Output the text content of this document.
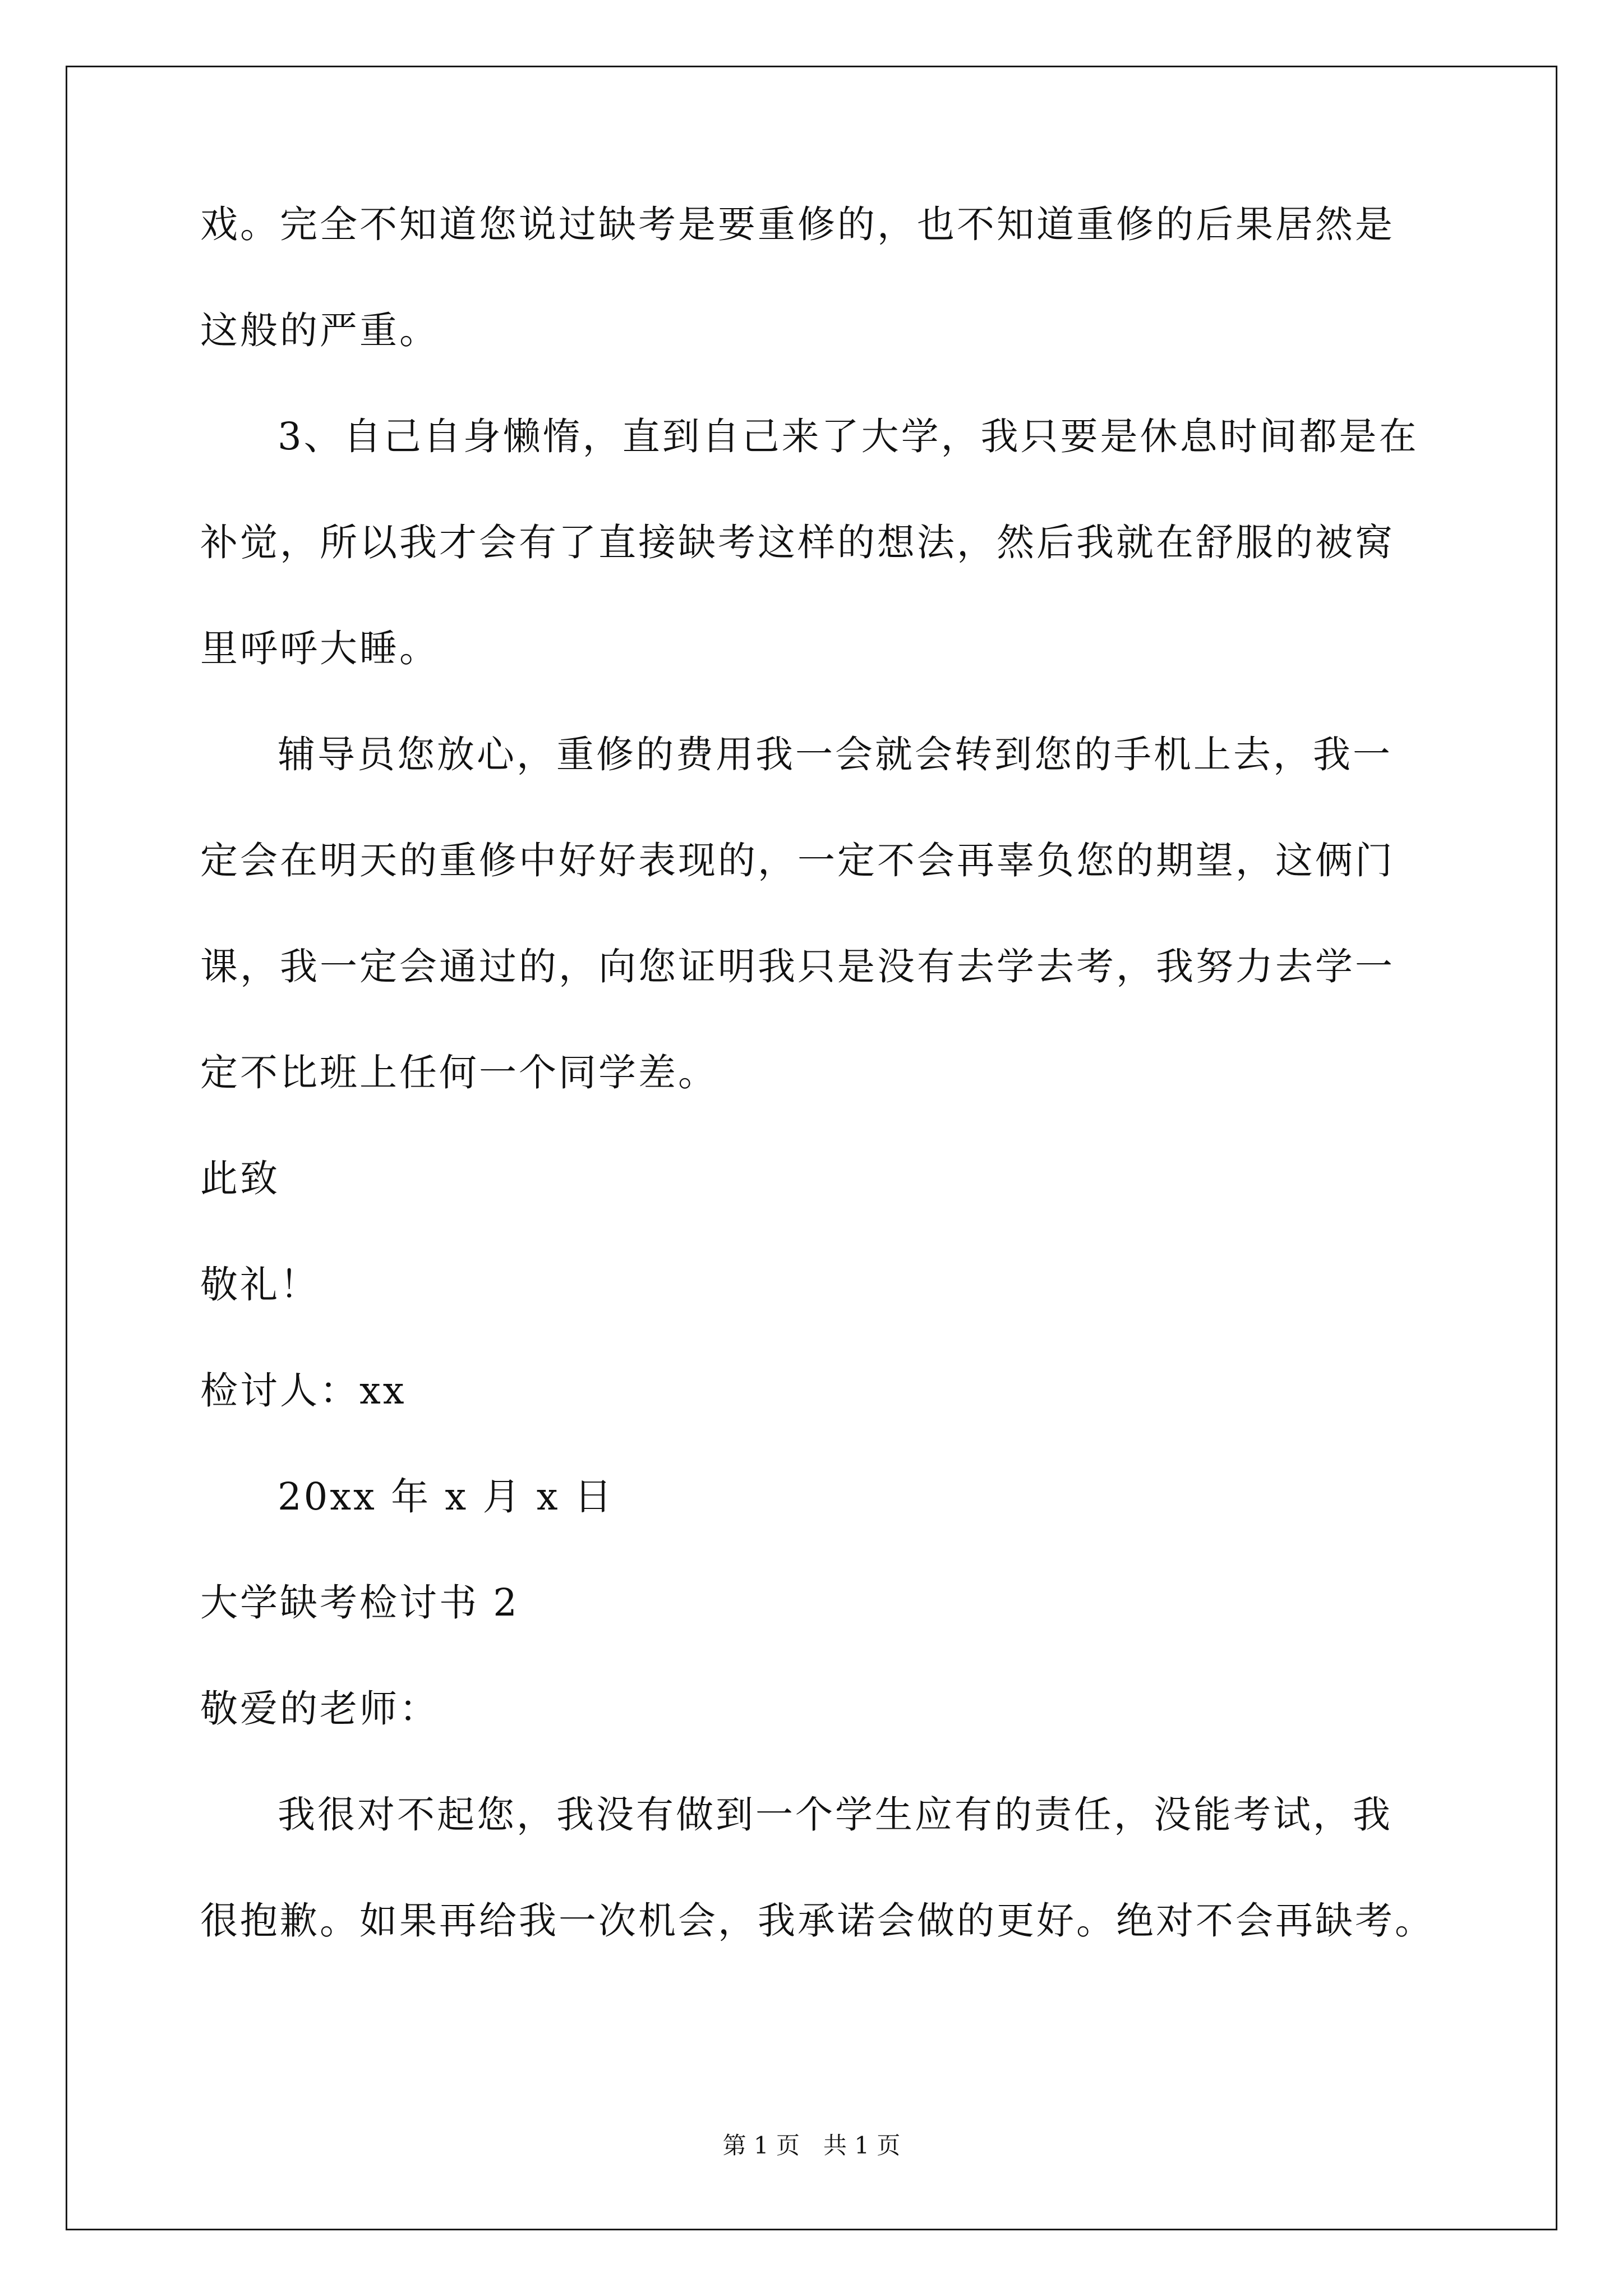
戏。完全不知道您说过缺考是要重修的，也不知道重修的后果居然是
这般的严重。
3、自己自身懒惰，直到自己来了大学，我只要是休息时间都是在
补觉，所以我才会有了直接缺考这样的想法，然后我就在舒服的被窝
里呼呼大睡。
辅导员您放心，重修的费用我一会就会转到您的手机上去，我一
定会在明天的重修中好好表现的，一定不会再辜负您的期望，这俩门
课，我一定会通过的，向您证明我只是没有去学去考，我努力去学一
定不比班上任何一个同学差。
此致
敬礼！
检讨人：xx
20xx 年 x 月 x 日
大学缺考检讨书 2
敬爱的老师：
我很对不起您，我没有做到一个学生应有的责任，没能考试，我
很抱歉。如果再给我一次机会，我承诺会做的更好。绝对不会再缺考。
第 1 页　共 1 页
